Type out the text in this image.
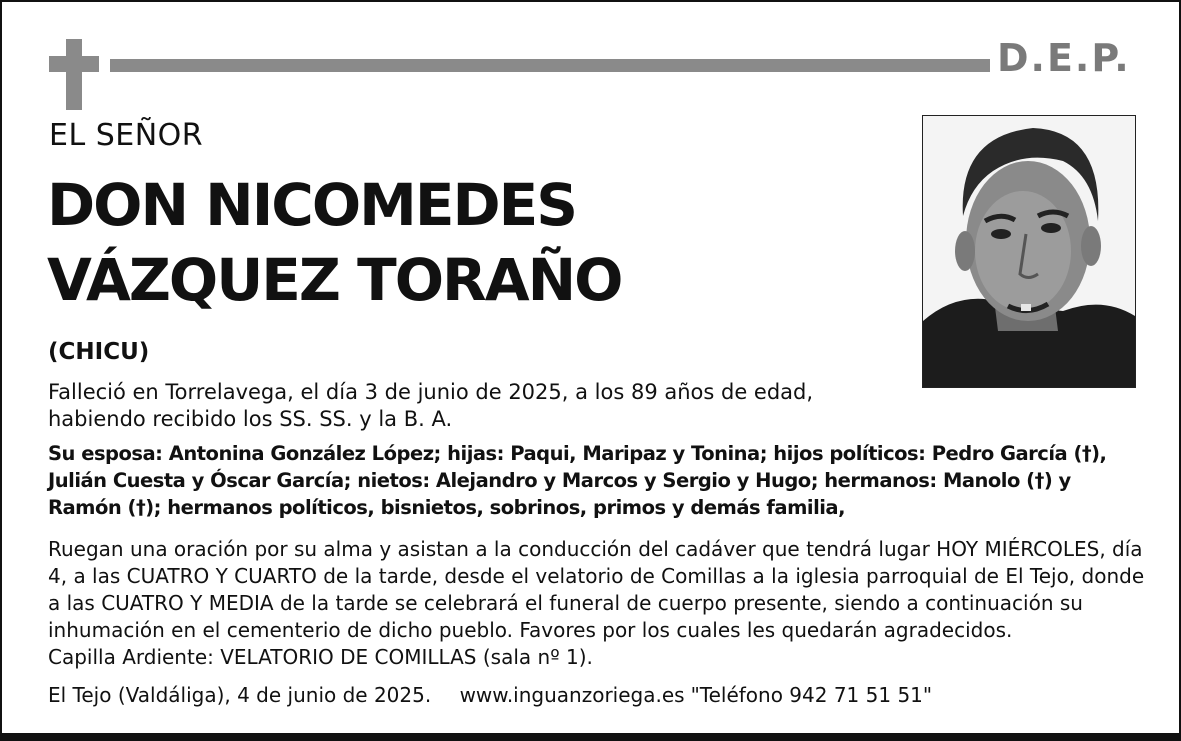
D.E.P.
EL SEÑOR
DON NICOMEDES
VÁZQUEZ TORAÑO
(CHICU)
Falleció en Torrelavega, el día 3 de junio de 2025, a los 89 años de edad, habiendo recibido los SS. SS. y la B. A.
Su esposa: Antonina González López; hijas: Paqui, Maripaz y Tonina; hijos políticos: Pedro García (†), Julián Cuesta y Óscar García; nietos: Alejandro y Marcos y Sergio y Hugo; hermanos: Manolo (†) y Ramón (†); hermanos políticos, bisnietos, sobrinos, primos y demás familia,
Ruegan una oración por su alma y asistan a la conducción del cadáver que tendrá lugar HOY MIÉRCOLES, día 4, a las CUATRO Y CUARTO de la tarde, desde el velatorio de Comillas a la iglesia parroquial de El Tejo, donde a las CUATRO Y MEDIA de la tarde se celebrará el funeral de cuerpo presente, siendo a continuación su inhumación en el cementerio de dicho pueblo. Favores por los cuales les quedarán agradecidos.
Capilla Ardiente: VELATORIO DE COMILLAS (sala nº 1).
El Tejo (Valdáliga), 4 de junio de 2025. www.inguanzoriega.es "Teléfono 942 71 51 51"
